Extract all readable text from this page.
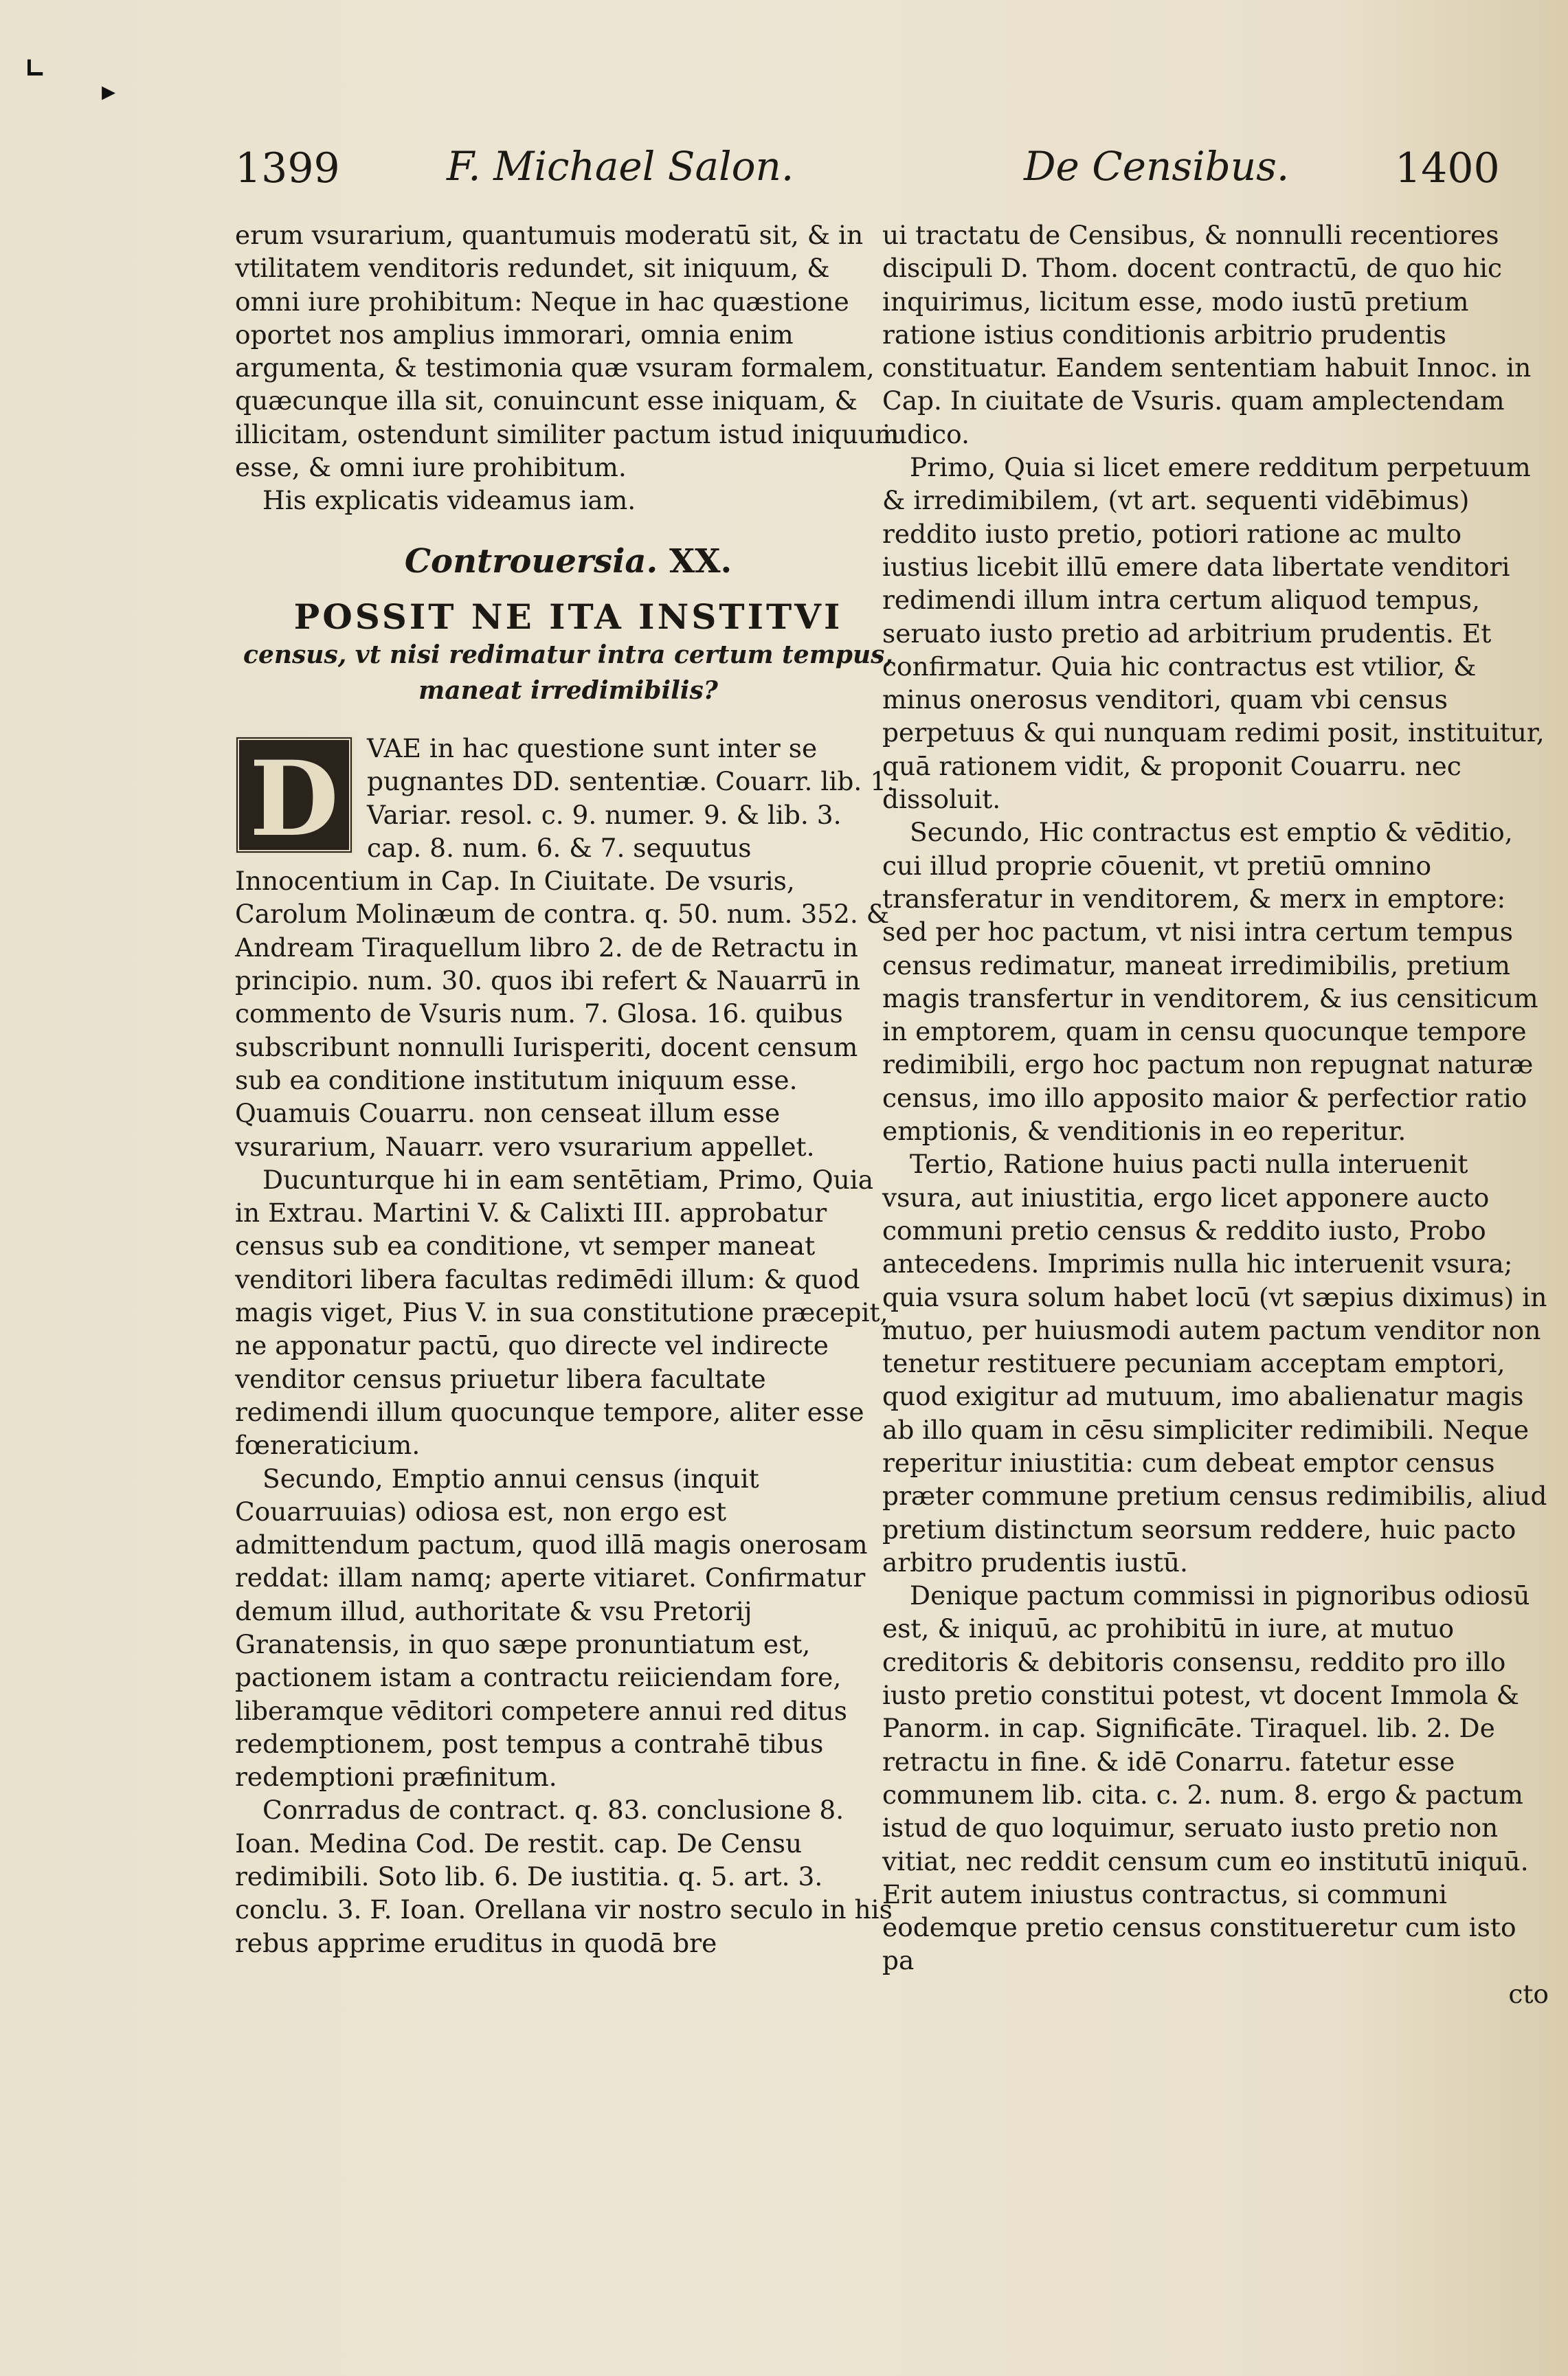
⌞
▸
1399	F. Michael Salon.	De Censibus.	1400

erum vsurarium, quantumuis moderatū sit, & in vtilitatem venditoris redundet, sit iniquum, & omni iure prohibitum: Neque in hac quæstione oportet nos amplius immorari, omnia enim argumenta, & testimonia quæ vsuram formalem, quæcunque illa sit, conuincunt esse iniquam, & illicitam, ostendunt similiter pactum istud iniquum esse, & omni iure prohibitum.

His explicatis videamus iam.

Controuersia. XX.
POSSIT NE ITA INSTITVI
census, vt nisi redimatur intra certum tempus, maneat irredimibilis?

D	VAE in hac questione sunt inter se pugnantes DD. sententiæ. Couarr. lib. 1. Variar. resol. c. 9. numer. 9. & lib. 3. cap. 8. num. 6. & 7. sequutus Innocentium in Cap. In Ciuitate. De vsuris, Carolum Molinæum de contra. q. 50. num. 352. & Andream Tiraquellum libro 2. de de Retractu in principio. num. 30. quos ibi refert & Nauarrū in commento de Vsuris num. 7. Glosa. 16. quibus subscribunt nonnulli Iurisperiti, docent censum sub ea conditione institutum iniquum esse. Quamuis Couarru. non censeat illum esse vsurarium, Nauarr. vero vsurarium appellet.

Ducunturque hi in eam sentētiam, Primo, Quia in Extrau. Martini V. & Calixti III. approbatur census sub ea conditione, vt semper maneat venditori libera facultas redimēdi illum: & quod magis viget, Pius V. in sua constitutione præcepit, ne apponatur pactū, quo directe vel indirecte venditor census priuetur libera facultate redimendi illum quocunque tempore, aliter esse fœneraticium.

Secundo, Emptio annui census (inquit Couarruuias) odiosa est, non ergo est admittendum pactum, quod illā magis onerosam reddat: illam namq; aperte vitiaret. Confirmatur demum illud, authoritate & vsu Pretorij Granatensis, in quo sæpe pronuntiatum est, pactionem istam a contractu reiiciendam fore, liberamque vēditori competere annui red ditus redemptionem, post tempus a contrahē tibus redemptioni præfinitum.

Conrradus de contract. q. 83. conclusione 8. Ioan. Medina Cod. De restit. cap. De Censu redimibili. Soto lib. 6. De iustitia. q. 5. art. 3. conclu. 3. F. Ioan. Orellana vir nostro seculo in his rebus apprime eruditus in quodā bre

ui tractatu de Censibus, & nonnulli recentiores discipuli D. Thom. docent contractū, de quo hic inquirimus, licitum esse, modo iustū pretium ratione istius conditionis arbitrio prudentis constituatur. Eandem sententiam habuit Innoc. in Cap. In ciuitate de Vsuris. quam amplectendam iudico.

Primo, Quia si licet emere redditum perpetuum & irredimibilem, (vt art. sequenti vidēbimus) reddito iusto pretio, potiori ratione ac multo iustius licebit illū emere data libertate venditori redimendi illum intra certum aliquod tempus, seruato iusto pretio ad arbitrium prudentis. Et confirmatur. Quia hic contractus est vtilior, & minus onerosus venditori, quam vbi census perpetuus & qui nunquam redimi posit, instituitur, quā rationem vidit, & proponit Couarru. nec dissoluit.

Secundo, Hic contractus est emptio & vēditio, cui illud proprie cōuenit, vt pretiū omnino transferatur in venditorem, & merx in emptore: sed per hoc pactum, vt nisi intra certum tempus census redimatur, maneat irredimibilis, pretium magis transfertur in venditorem, & ius censiticum in emptorem, quam in censu quocunque tempore redimibili, ergo hoc pactum non repugnat naturæ census, imo illo apposito maior & perfectior ratio emptionis, & venditionis in eo reperitur.

Tertio, Ratione huius pacti nulla interuenit vsura, aut iniustitia, ergo licet apponere aucto communi pretio census & reddito iusto, Probo antecedens. Imprimis nulla hic interuenit vsura; quia vsura solum habet locū (vt sæpius diximus) in mutuo, per huiusmodi autem pactum venditor non tenetur restituere pecuniam acceptam emptori, quod exigitur ad mutuum, imo abalienatur magis ab illo quam in cēsu simpliciter redimibili. Neque reperitur iniustitia: cum debeat emptor census præter commune pretium census redimibilis, aliud pretium distinctum seorsum reddere, huic pacto arbitro prudentis iustū.

Denique pactum commissi in pignoribus odiosū est, & iniquū, ac prohibitū in iure, at mutuo creditoris & debitoris consensu, reddito pro illo iusto pretio constitui potest, vt docent Immola & Panorm. in cap. Significāte. Tiraquel. lib. 2. De retractu in fine. & idē Conarru. fatetur esse communem lib. cita. c. 2. num. 8. ergo & pactum istud de quo loquimur, seruato iusto pretio non vitiat, nec reddit censum cum eo institutū iniquū. Erit autem iniustus contractus, si communi eodemque pretio census constitueretur cum isto pa

cto
